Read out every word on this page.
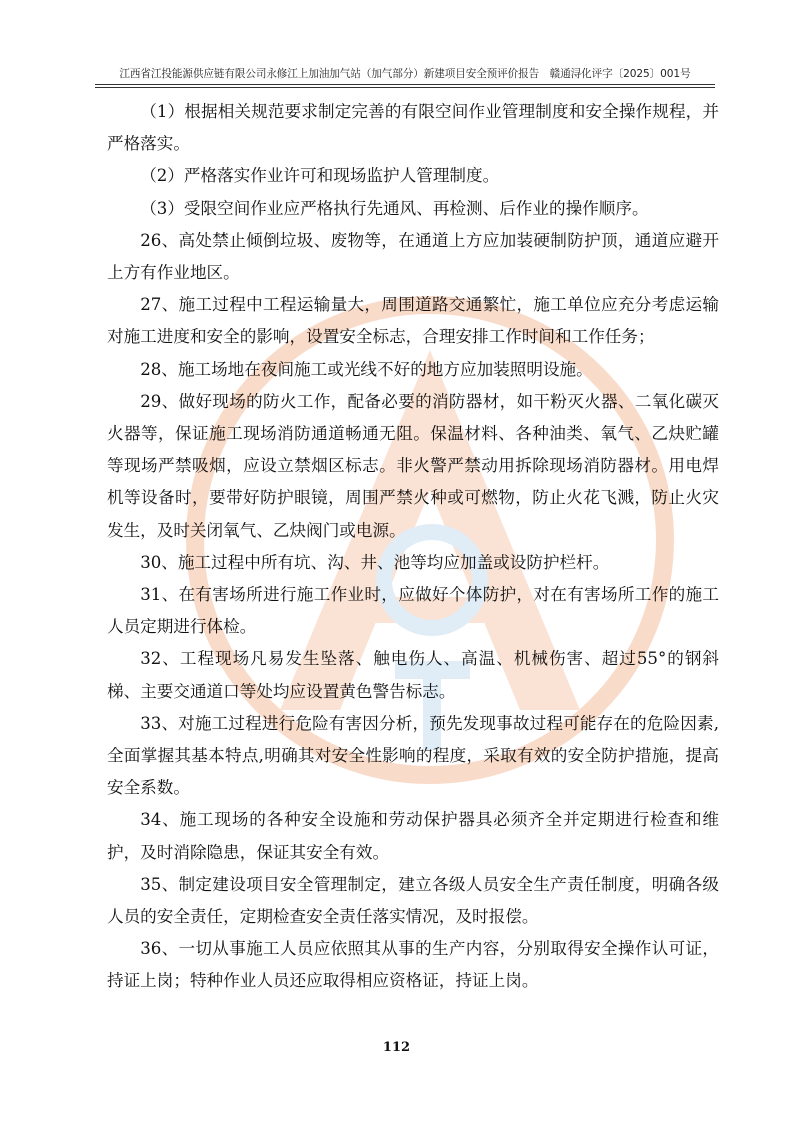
江西省江投能源供应链有限公司永修江上加油加气站（加气部分）新建项目安全预评价报告　赣通浔化评字〔2025〕001号

（1）根据相关规范要求制定完善的有限空间作业管理制度和安全操作规程，并严格落实。

（2）严格落实作业许可和现场监护人管理制度。

（3）受限空间作业应严格执行先通风、再检测、后作业的操作顺序。

26、高处禁止倾倒垃圾、废物等，在通道上方应加装硬制防护顶，通道应避开上方有作业地区。

27、施工过程中工程运输量大，周围道路交通繁忙，施工单位应充分考虑运输对施工进度和安全的影响，设置安全标志，合理安排工作时间和工作任务；

28、施工场地在夜间施工或光线不好的地方应加装照明设施。

29、做好现场的防火工作，配备必要的消防器材，如干粉灭火器、二氧化碳灭火器等，保证施工现场消防通道畅通无阻。保温材料、各种油类、氧气、乙炔贮罐等现场严禁吸烟，应设立禁烟区标志。非火警严禁动用拆除现场消防器材。用电焊机等设备时，要带好防护眼镜，周围严禁火种或可燃物，防止火花飞溅，防止火灾发生，及时关闭氧气、乙炔阀门或电源。

30、施工过程中所有坑、沟、井、池等均应加盖或设防护栏杆。

31、在有害场所进行施工作业时，应做好个体防护，对在有害场所工作的施工人员定期进行体检。

32、工程现场凡易发生坠落、触电伤人、高温、机械伤害、超过55°的钢斜梯、主要交通道口等处均应设置黄色警告标志。

33、对施工过程进行危险有害因分析，预先发现事故过程可能存在的危险因素,全面掌握其基本特点,明确其对安全性影响的程度，采取有效的安全防护措施，提高安全系数。

34、施工现场的各种安全设施和劳动保护器具必须齐全并定期进行检查和维护，及时消除隐患，保证其安全有效。

35、制定建设项目安全管理制定，建立各级人员安全生产责任制度，明确各级人员的安全责任，定期检查安全责任落实情况，及时报偿。

36、一切从事施工人员应依照其从事的生产内容，分别取得安全操作认可证，持证上岗；特种作业人员还应取得相应资格证，持证上岗。

112
